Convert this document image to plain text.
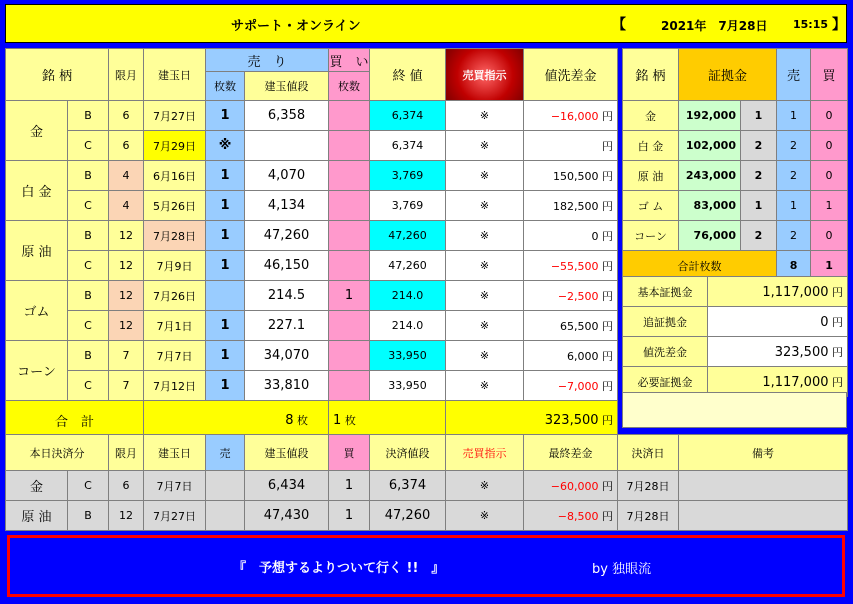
サポート・オンライン	【	2021年　7月28日 15:15 】
銘 柄		限月	建玉日	売　り		買　い	終 値	売買指示	値洗差金
				枚数	建玉値段	枚数			
金	B	6	7月27日	1	6,358		6,374	※	−16,000 円
	C	6	7月29日	※			6,374	※	円
白 金	B	4	6月16日	1	4,070		3,769	※	150,500 円
	C	4	5月26日	1	4,134		3,769	※	182,500 円
原 油	B	12	7月28日	1	47,260		47,260	※	0 円
	C	12	7月9日	1	46,150		47,260	※	−55,500 円
ゴム	B	12	7月26日		214.5	1	214.0	※	−2,500 円
	C	12	7月1日	1	227.1		214.0	※	65,500 円
コーン	B	7	7月7日	1	34,070		33,950	※	6,000 円
	C	7	7月12日	1	33,810		33,950	※	−7,000 円
合　計			8 枚			1 枚		323,500 円	
銘 柄	証拠金		売	買
金	192,000	1	1	0
白 金	102,000	2	2	0
原 油	243,000	2	2	0
ゴ ム	83,000	1	1	1
コーン	76,000	2	2	0
合計枚数			8	1
基本証拠金	1,117,000 円
追証拠金	0 円
値洗差金	323,500 円
必要証拠金	1,117,000 円
本日決済分		限月	建玉日	売	建玉値段	買	決済値段	売買指示	最終差金	決済日	備考
金	C	6	7月7日		6,434	1	6,374	※	−60,000 円	7月28日	
原 油	B	12	7月27日		47,430	1	47,260	※	−8,500 円	7月28日	
『　予想するよりついて行く !!　』	by 独眼流
